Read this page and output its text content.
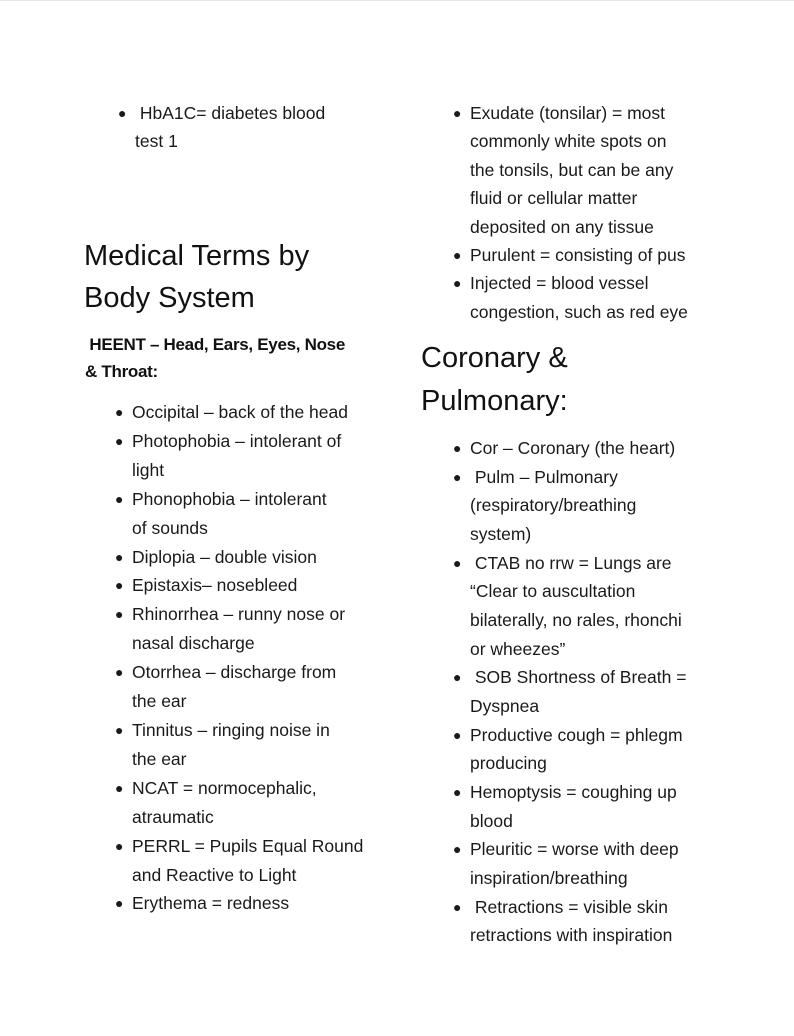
● HbA1C= diabetes blood
test 1
Medical Terms by
Body System
HEENT – Head, Ears, Eyes, Nose
& Throat:
● Occipital – back of the head
● Photophobia – intolerant of
light
● Phonophobia – intolerant
of sounds
● Diplopia – double vision
● Epistaxis– nosebleed
● Rhinorrhea – runny nose or
nasal discharge
● Otorrhea – discharge from
the ear
● Tinnitus – ringing noise in
the ear
● NCAT = normocephalic,
atraumatic
● PERRL = Pupils Equal Round
and Reactive to Light
● Erythema = redness
● Exudate (tonsilar) = most
commonly white spots on
the tonsils, but can be any
fluid or cellular matter
deposited on any tissue
● Purulent = consisting of pus
● Injected = blood vessel
congestion, such as red eye
Coronary &
Pulmonary:
● Cor – Coronary (the heart)
● Pulm – Pulmonary
(respiratory/breathing
system)
● CTAB no rrw = Lungs are
“Clear to auscultation
bilaterally, no rales, rhonchi
or wheezes”
● SOB Shortness of Breath =
Dyspnea
● Productive cough = phlegm
producing
● Hemoptysis = coughing up
blood
● Pleuritic = worse with deep
inspiration/breathing
● Retractions = visible skin
retractions with inspiration
